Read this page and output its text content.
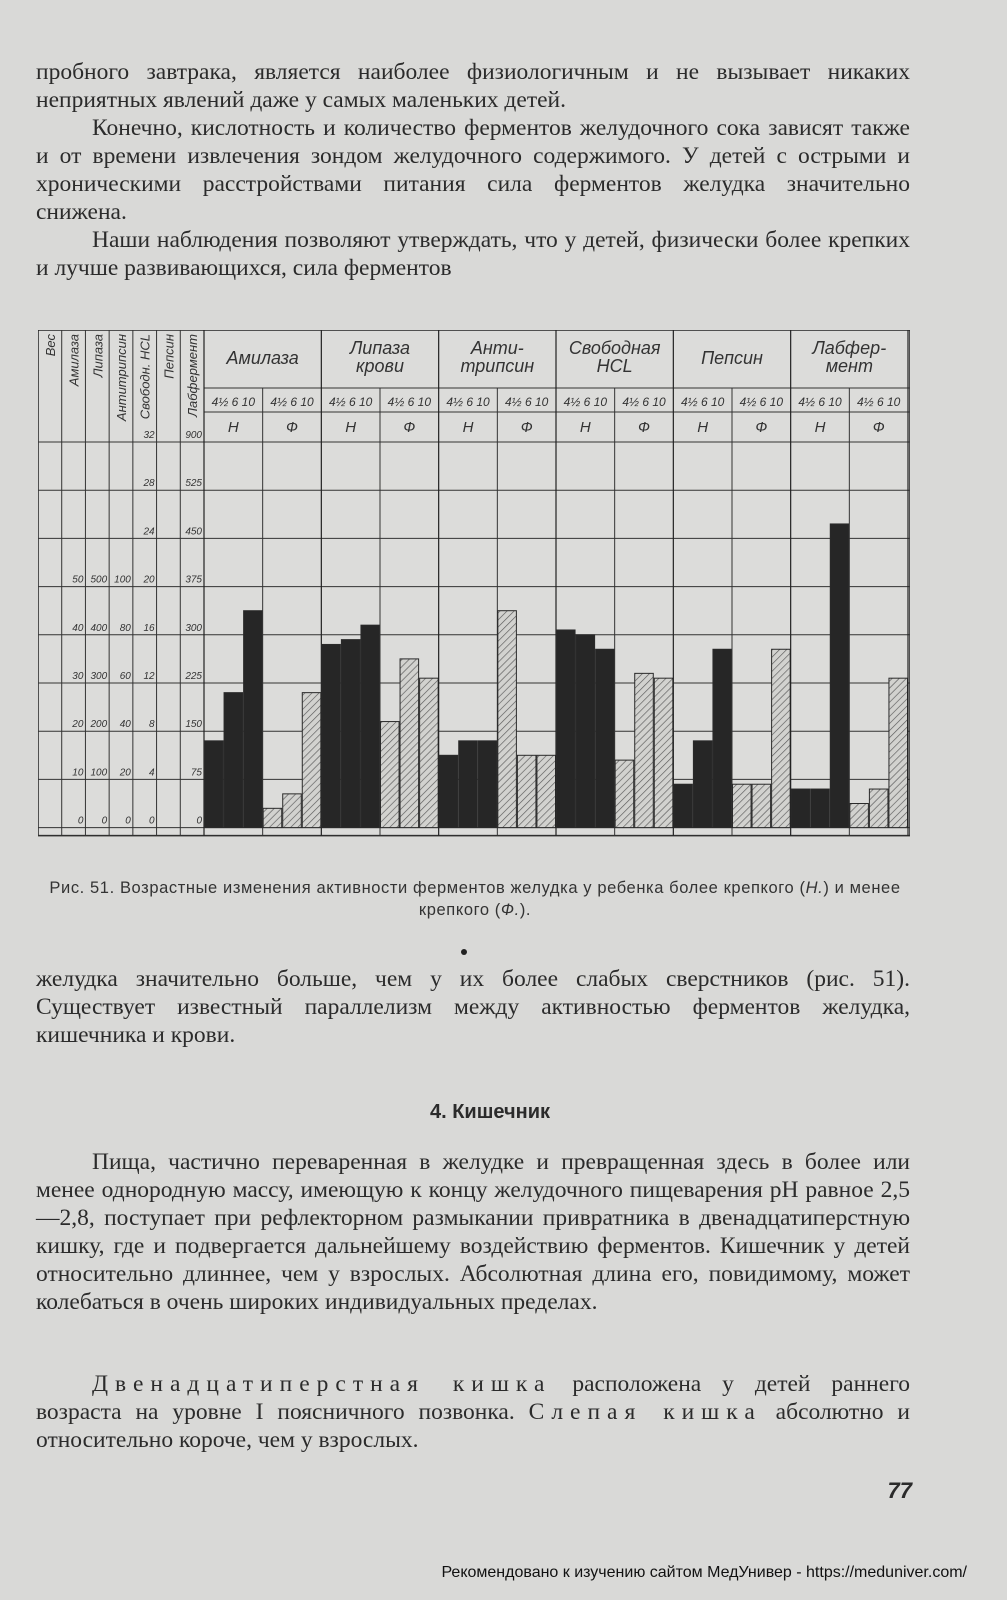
пробного завтрака, является наиболее физиологичным и не вызывает никаких неприятных явлений даже у самых маленьких детей.

Конечно, кислотность и количество ферментов желудочного сока зависят также и от времени извлечения зондом желудочного содержимого. У детей с острыми и хроническими расстройствами питания сила ферментов желудка значительно снижена.

Наши наблюдения позволяют утверждать, что у детей, физически более крепких и лучше развивающихся, сила ферментов

Вес Амилаза
50
40
30
20
10
0
Липаза
500
400
300
200
100
0
Антитрипсин
100
80
60
40
20
0
Свободн. HCL
32
28
24
20
16
12
8
4
0
Пепсин Лабфермент
900
525
450
375
300
225
150
75
0
Амилаза
4½ 6 10
Н
4½ 6 10
Ф
Липаза
крови
4½ 6 10
Н
4½ 6 10
Ф
Анти-
трипсин
4½ 6 10
Н
4½ 6 10
Ф
Свободная
HCL
4½ 6 10
Н
4½ 6 10
Ф
Пепсин
4½ 6 10
Н
4½ 6 10
Ф
Лабфер-
мент
4½ 6 10
Н
4½ 6 10
Ф
Рис. 51. Возрастные изменения активности ферментов желудка у ребенка более крепкого (Н.) и менее крепкого (Ф.).

желудка значительно больше, чем у их более слабых сверстников (рис. 51). Существует известный параллелизм между активностью ферментов желудка, кишечника и крови.

4. Кишечник

Пища, частично переваренная в желудке и превращенная здесь в более или менее однородную массу, имеющую к концу желудочного пищеварения pH равное 2,5—2,8, поступает при рефлекторном размыкании привратника в двенадцатиперстную кишку, где и подвергается дальнейшему воздействию ферментов. Кишечник у детей относительно длиннее, чем у взрослых. Абсолютная длина его, повидимому, может колебаться в очень широких индивидуальных пределах.

Двенадцатиперстная кишка расположена у детей раннего возраста на уровне I поясничного позвонка. Слепая кишка абсолютно и относительно короче, чем у взрослых.

77
Рекомендовано к изучению сайтом МедУнивер - https://meduniver.com/
